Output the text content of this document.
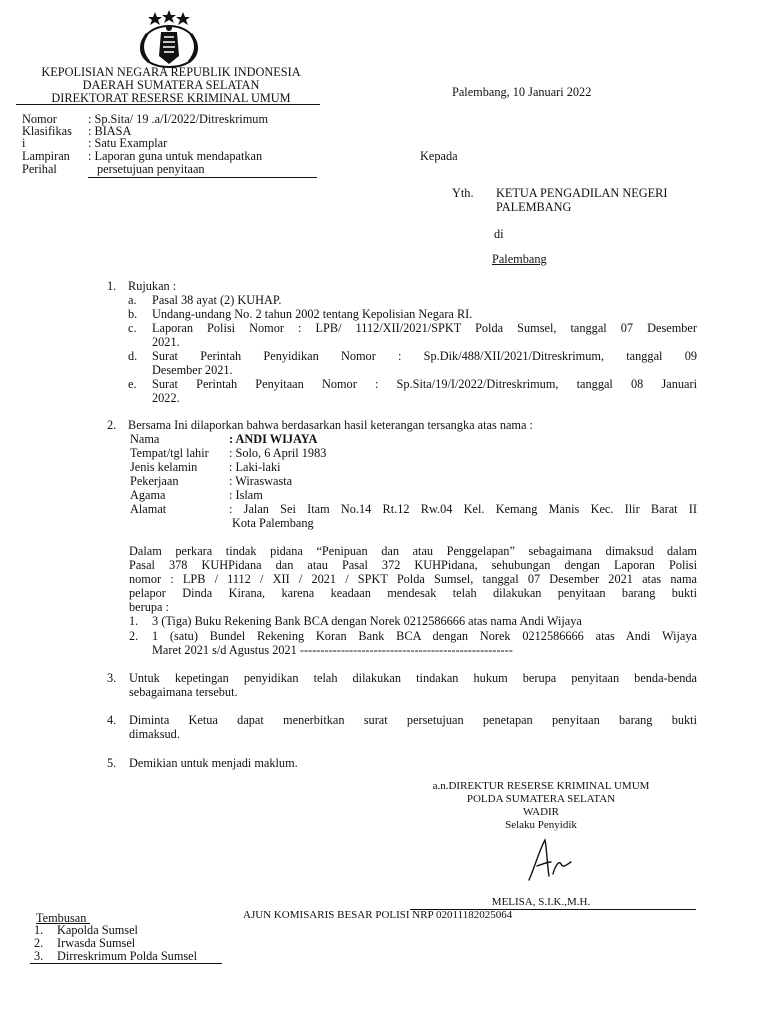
KEPOLISIAN NEGARA REPUBLIK INDONESIA
DAERAH SUMATERA SELATAN
DIREKTORAT RESERSE KRIMINAL UMUM	Palembang, 10 Januari 2022
Nomor	: Sp.Sita/ 19 .a/I/2022/Ditreskrimum
Klasifikas : BIASA
i	: Satu Examplar
Lampiran : Laporan guna untuk mendapatkan
Perihal	persetujuan penyitaan
Kepada
Yth. KETUA PENGADILAN NEGERI
PALEMBANG
di
Palembang
1. Rujukan :
a. Pasal 38 ayat (2) KUHAP.
b. Undang-undang No. 2 tahun 2002 tentang Kepolisian Negara RI.
c. Laporan Polisi Nomor : LPB/ 1112/XII/2021/SPKT Polda Sumsel, tanggal 07 Desember
2021.
d. Surat Perintah Penyidikan Nomor : Sp.Dik/488/XII/2021/Ditreskrimum, tanggal 09
Desember 2021.
e. Surat Perintah Penyitaan Nomor : Sp.Sita/19/I/2022/Ditreskrimum, tanggal 08 Januari
2022.
2. Bersama Ini dilaporkan bahwa berdasarkan hasil keterangan tersangka atas nama :
Nama	: ANDI WIJAYA
Tempat/tgl lahir : Solo, 6 April 1983
Jenis kelamin	: Laki-laki
Pekerjaan	: Wiraswasta
Agama	: Islam
Alamat	: Jalan Sei Itam No.14 Rt.12 Rw.04 Kel. Kemang Manis Kec. Ilir Barat II
Kota Palembang
Dalam perkara tindak pidana “Penipuan dan atau Penggelapan” sebagaimana dimaksud dalam
Pasal 378 KUHPidana dan atau Pasal 372 KUHPidana, sehubungan dengan Laporan Polisi
nomor : LPB / 1112 / XII / 2021 / SPKT Polda Sumsel, tanggal 07 Desember 2021 atas nama
pelapor Dinda Kirana, karena keadaan mendesak telah dilakukan penyitaan barang bukti
berupa :
1. 3 (Tiga) Buku Rekening Bank BCA dengan Norek 0212586666 atas nama Andi Wijaya
2. 1 (satu) Bundel Rekening Koran Bank BCA dengan Norek 0212586666 atas Andi Wijaya
Maret 2021 s/d Agustus 2021 ----------------------------------------------------
3. Untuk kepetingan penyidikan telah dilakukan tindakan hukum berupa penyitaan benda-benda
sebagaimana tersebut.
4. Diminta Ketua dapat menerbitkan surat persetujuan penetapan penyitaan barang bukti
dimaksud.
5. Demikian untuk menjadi maklum.
a.n.DIREKTUR RESERSE KRIMINAL UMUM
POLDA SUMATERA SELATAN
WADIR
Selaku Penyidik
MELISA, S.I.K.,M.H.
AJUN KOMISARIS BESAR POLISI NRP 02011182025064
Tembusan
1. Kapolda Sumsel
2. Irwasda Sumsel
3. Dirreskrimum Polda Sumsel
